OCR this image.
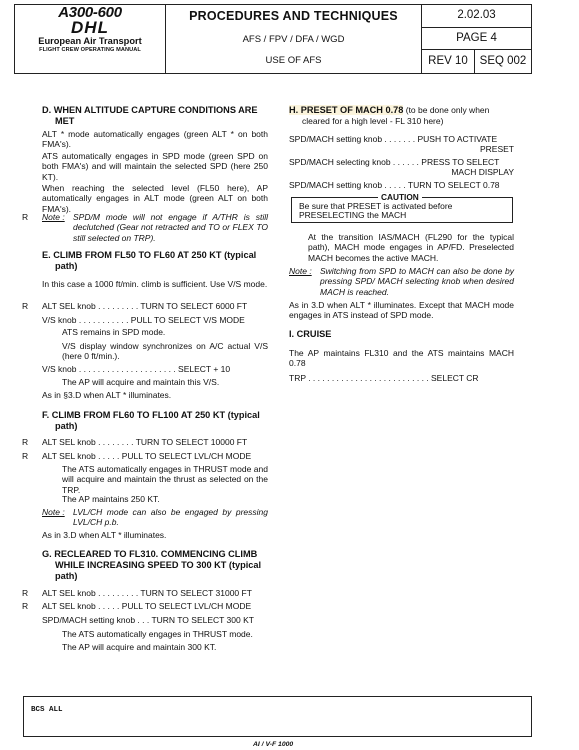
A300-600
DHL
European Air Transport
FLIGHT CREW OPERATING MANUAL
PROCEDURES AND TECHNIQUES
AFS / FPV / DFA / WGD
USE OF AFS
2.02.03
PAGE 4
REV 10	SEQ 002
D. WHEN ALTITUDE CAPTURE CONDITIONS ARE
MET
ALT * mode automatically engages (green ALT * on both FMA's).
ATS automatically engages in SPD mode (green SPD on both FMA's) and will maintain the selected SPD (here 250 KT).
When reaching the selected level (FL50 here), AP automatically engages in ALT mode (green ALT on both FMA's).
R Note : SPD/M mode will not engage if A/THR is still declutched (Gear not retracted and TO or FLEX TO still selected on TRP).
E. CLIMB FROM FL50 TO FL60 AT 250 KT (typical
path)
In this case a 1000 ft/min. climb is sufficient. Use V/S mode.
R ALT SEL knob . . . . . . . . . TURN TO SELECT 6000 FT
V/S knob . . . . . . . . . . . PULL TO SELECT V/S MODE
ATS remains in SPD mode.
V/S display window synchronizes on A/C actual V/S (here 0 ft/min.).
V/S knob . . . . . . . . . . . . . . . . . . . . . SELECT + 10
The AP will acquire and maintain this V/S.
As in §3.D when ALT * illuminates.
F. CLIMB FROM FL60 TO FL100 AT 250 KT (typical
path)
R ALT SEL knob . . . . . . . . TURN TO SELECT 10000 FT
R ALT SEL knob . . . . . PULL TO SELECT LVL/CH MODE
The ATS automatically engages in THRUST mode and will acquire and maintain the thrust as selected on the TRP.
The AP maintains 250 KT.
Note : LVL/CH mode can also be engaged by pressing LVL/CH p.b.
As in 3.D when ALT * illuminates.
G. RECLEARED TO FL310. COMMENCING CLIMB
WHILE INCREASING SPEED TO 300 KT (typical
path)
R ALT SEL knob . . . . . . . . . TURN TO SELECT 31000 FT
R ALT SEL knob . . . . . PULL TO SELECT LVL/CH MODE
SPD/MACH setting knob . . . TURN TO SELECT 300 KT
The ATS automatically engages in THRUST mode.
The AP will acquire and maintain 300 KT.
H. PRESET OF MACH 0.78 (to be done only when
cleared for a high level - FL 310 here)
SPD/MACH setting knob . . . . . . . PUSH TO ACTIVATE
PRESET
SPD/MACH selecting knob . . . . . . PRESS TO SELECT
MACH DISPLAY
SPD/MACH setting knob . . . . . TURN TO SELECT 0.78
CAUTION
Be sure that PRESET is activated before
PRESELECTING the MACH
At the transition IAS/MACH (FL290 for the typical path), MACH mode engages in AP/FD. Preselected MACH becomes the active MACH.
Note : Switching from SPD to MACH can also be done by pressing SPD/ MACH selecting knob when desired MACH is reached.
As in 3.D when ALT * illuminates. Except that MACH mode engages in ATS instead of SPD mode.
I. CRUISE
The AP maintains FL310 and the ATS maintains MACH 0.78
TRP . . . . . . . . . . . . . . . . . . . . . . . . . . SELECT CR
BCS ALL
AI / V-F 1000
